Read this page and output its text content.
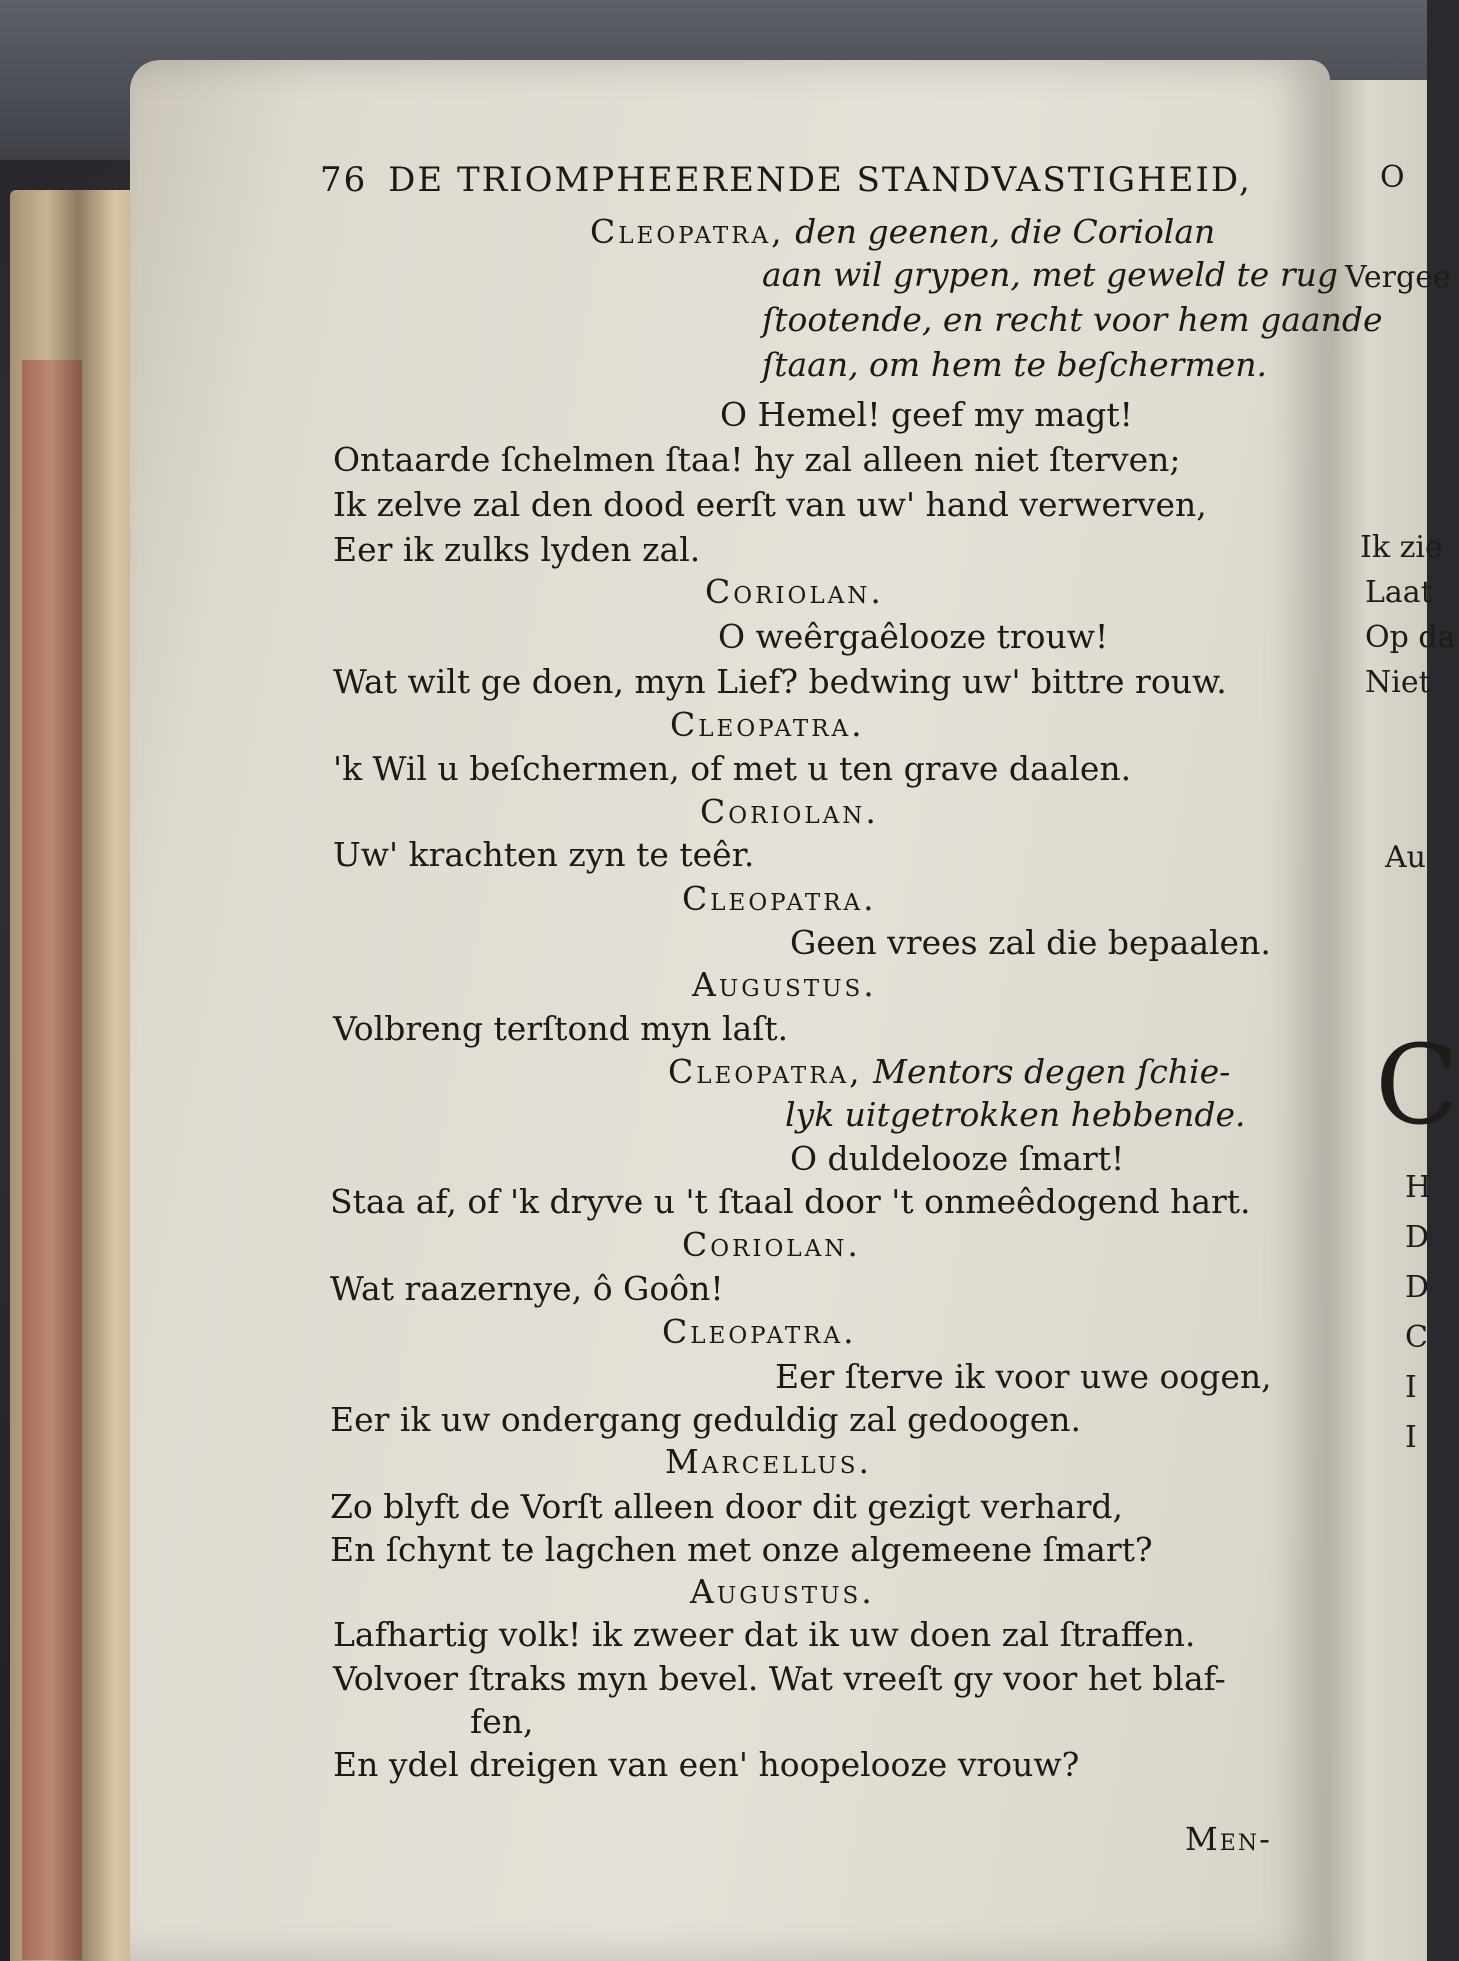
O
Vergee
Ik zie
Laat
Op da
Niet
Au
C
H
D
D
C
I
I
76 DE TRIOMPHEERENDE STANDVASTIGHEID,
Cleopatra, den geenen, die Coriolan
aan wil grypen, met geweld te rug
ſtootende, en recht voor hem gaande
ſtaan, om hem te beſchermen.
O Hemel! geef my magt!
Ontaarde ſchelmen ſtaa! hy zal alleen niet ſterven;
Ik zelve zal den dood eerſt van uw' hand verwerven,
Eer ik zulks lyden zal.
Coriolan.
O weêrgaêlooze trouw!
Wat wilt ge doen, myn Lief? bedwing uw' bittre rouw.
Cleopatra.
'k Wil u beſchermen, of met u ten grave daalen.
Coriolan.
Uw' krachten zyn te teêr.
Cleopatra.
Geen vrees zal die bepaalen.
Augustus.
Volbreng terſtond myn laſt.
Cleopatra, Mentors degen ſchie-
lyk uitgetrokken hebbende.
O duldelooze ſmart!
Staa af, of 'k dryve u 't ſtaal door 't onmeêdogend hart.
Coriolan.
Wat raazernye, ô Goôn!
Cleopatra.
Eer ſterve ik voor uwe oogen,
Eer ik uw ondergang geduldig zal gedoogen.
Marcellus.
Zo blyft de Vorſt alleen door dit gezigt verhard,
En ſchynt te lagchen met onze algemeene ſmart?
Augustus.
Lafhartig volk! ik zweer dat ik uw doen zal ſtraffen.
Volvoer ſtraks myn bevel. Wat vreeſt gy voor het blaf-
fen,
En ydel dreigen van een' hoopelooze vrouw?
Men-
